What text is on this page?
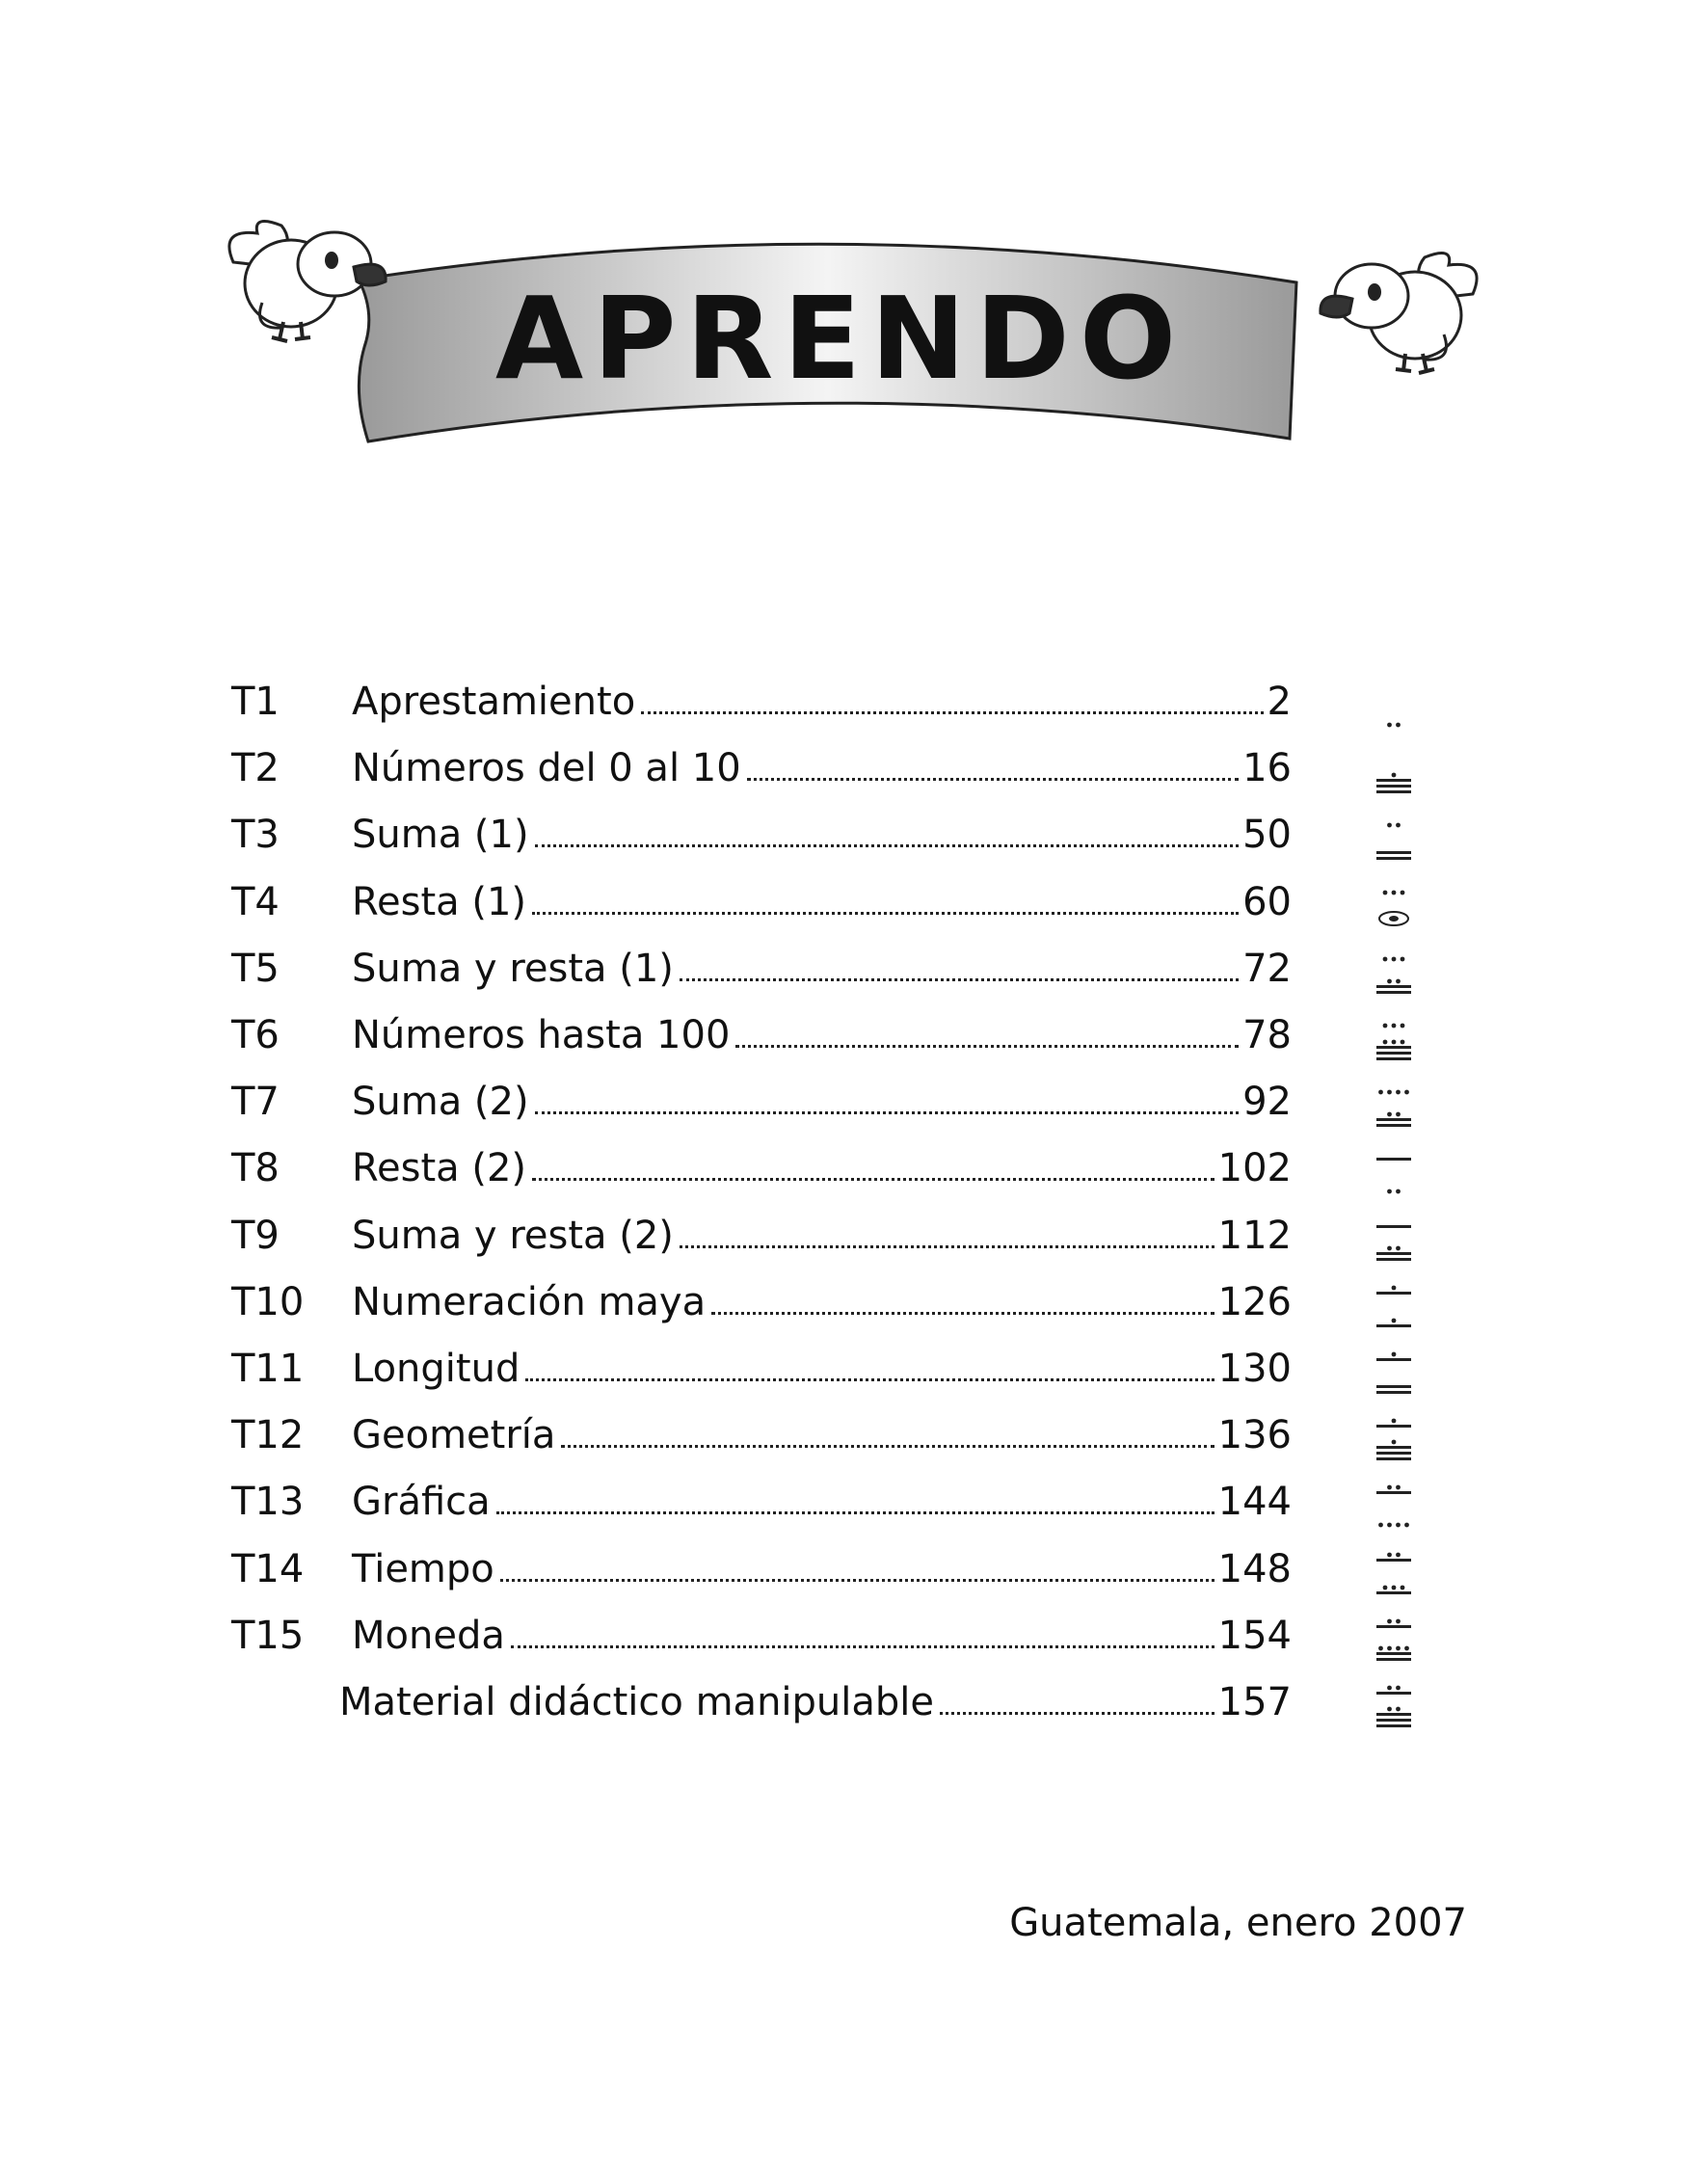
APRENDO
T1 Aprestamiento	2
T2 Números del 0 al 10	16
T3 Suma (1)	50
T4 Resta (1)	60
T5 Suma y resta (1)	72
T6 Números hasta 100	78
T7 Suma (2)	92
T8 Resta (2)	102
T9 Suma y resta (2)	112
T10 Numeración maya	126
T11 Longitud	130
T12 Geometría	136
T13 Gráfica	144
T14 Tiempo	148
T15 Moneda	154
Material didáctico manipulable	157
Guatemala, enero 2007
